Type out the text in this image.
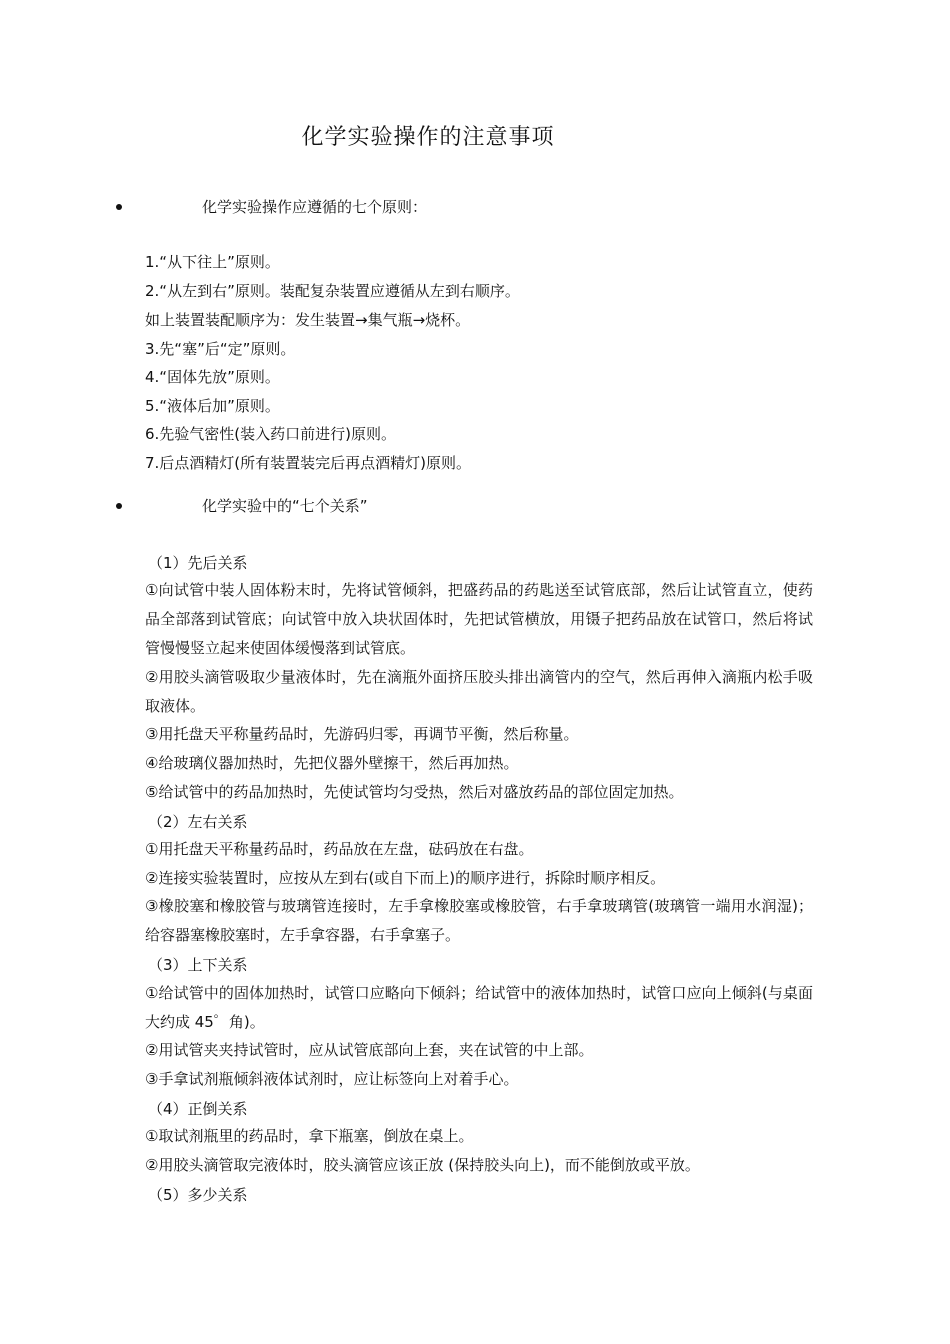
化学实验操作的注意事项
化学实验操作应遵循的七个原则：
1.“从下往上”原则。
2.“从左到右”原则。装配复杂装置应遵循从左到右顺序。
如上装置装配顺序为：发生装置→集气瓶→烧杯。
3.先“塞”后“定”原则。
4.“固体先放”原则。
5.“液体后加”原则。
6.先验气密性(装入药口前进行)原则。
7.后点酒精灯(所有装置装完后再点酒精灯)原则。
化学实验中的“七个关系”
（1）先后关系
①向试管中装人固体粉末时，先将试管倾斜，把盛药品的药匙送至试管底部，然后让试管直立，使药品全部落到试管底；向试管中放入块状固体时，先把试管横放，用镊子把药品放在试管口，然后将试管慢慢竖立起来使固体缓慢落到试管底。
②用胶头滴管吸取少量液体时，先在滴瓶外面挤压胶头排出滴管内的空气，然后再伸入滴瓶内松手吸取液体。
③用托盘天平称量药品时，先游码归零，再调节平衡，然后称量。
④给玻璃仪器加热时，先把仪器外壁擦干，然后再加热。
⑤给试管中的药品加热时，先使试管均匀受热，然后对盛放药品的部位固定加热。
（2）左右关系
①用托盘天平称量药品时，药品放在左盘，砝码放在右盘。
②连接实验装置时，应按从左到右(或自下而上)的顺序进行，拆除时顺序相反。
③橡胶塞和橡胶管与玻璃管连接时，左手拿橡胶塞或橡胶管，右手拿玻璃管(玻璃管一端用水润湿)；给容器塞橡胶塞时，左手拿容器，右手拿塞子。
（3）上下关系
①给试管中的固体加热时，试管口应略向下倾斜；给试管中的液体加热时，试管口应向上倾斜(与桌面大约成 45゜角)。
②用试管夹夹持试管时，应从试管底部向上套，夹在试管的中上部。
③手拿试剂瓶倾斜液体试剂时，应让标签向上对着手心。
（4）正倒关系
①取试剂瓶里的药品时，拿下瓶塞，倒放在桌上。
②用胶头滴管取完液体时，胶头滴管应该正放 (保持胶头向上)，而不能倒放或平放。
（5）多少关系
